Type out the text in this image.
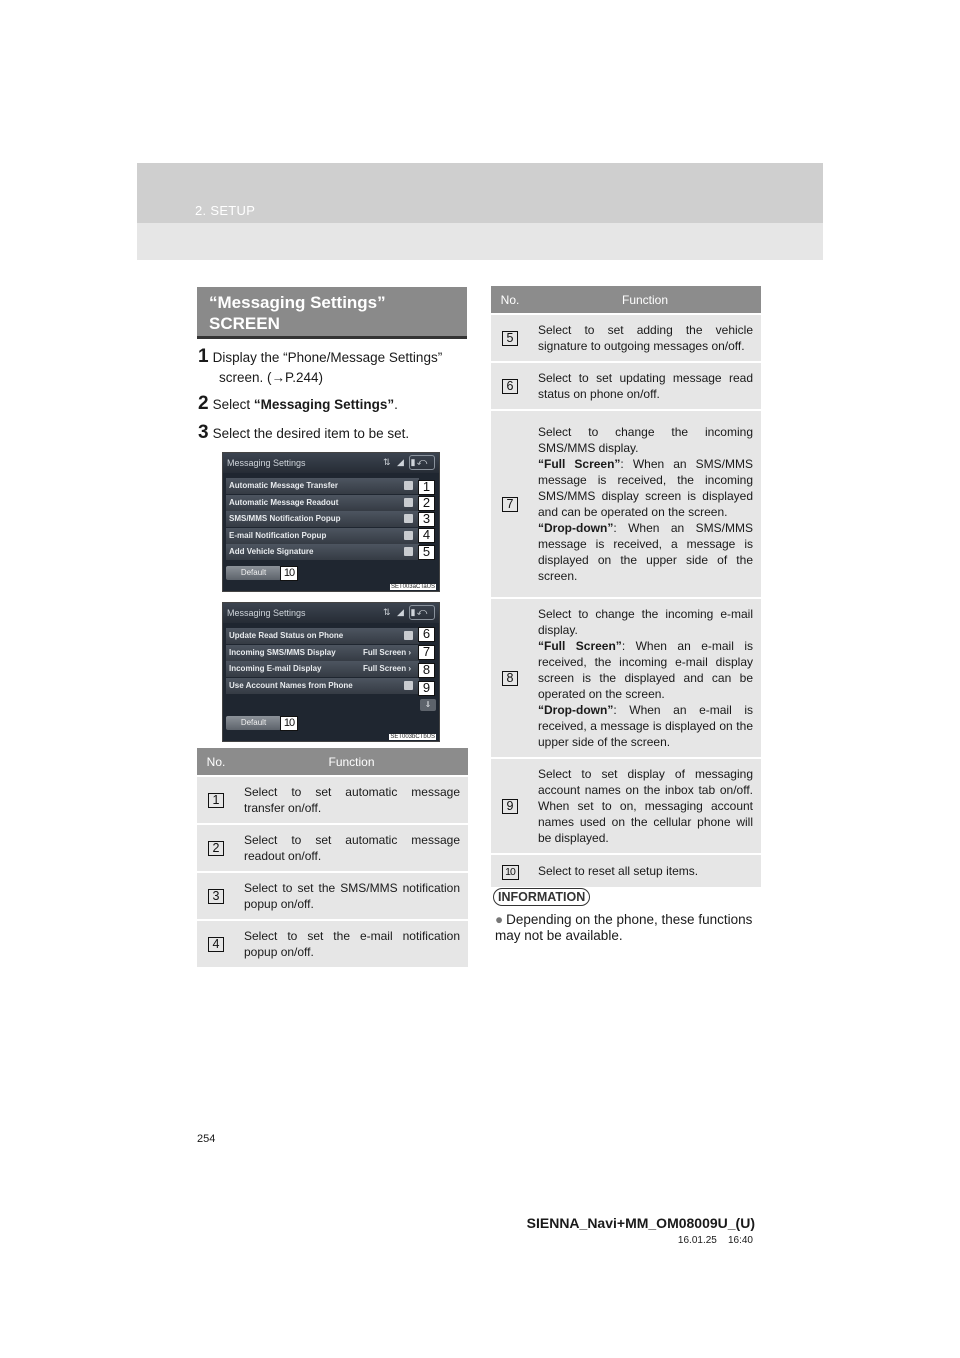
2. SETUP
“Messaging Settings”
SCREEN
1 Display the “Phone/Message Settings”
screen. (→P.244)
2 Select “Messaging Settings”.
3 Select the desired item to be set.
Messaging Settings	⇅ ◢ ▮ ⤺
Automatic Message Transfer
Automatic Message Readout
SMS/MMS Notification Popup
E-mail Notification Popup
Add Vehicle Signature
1
2
3
4
5
Default	10
SET003aCTaUS
Messaging Settings	⇅ ◢ ▮ ⤺
Update Read Status on Phone
Incoming SMS/MMS Display	Full Screen ›
Incoming E-mail Display	Full Screen ›
Use Account Names from Phone
6
7
8
9
⇓
Default	10
SET003bCTbUS
No.	Function
1	Select to set automatic message transfer on/off.
2	Select to set automatic message readout on/off.
3	Select to set the SMS/MMS notification popup on/off.
4	Select to set the e-mail notification popup on/off.
No.	Function
5	Select to set adding the vehicle signature to outgoing messages on/off.
6	Select to set updating message read status on phone on/off.
7	Select to change the incoming SMS/MMS display.
“Full Screen”: When an SMS/MMS message is received, the incoming SMS/MMS display screen is displayed and can be operated on the screen.
“Drop-down”: When an SMS/MMS message is received, a message is displayed on the upper side of the screen.
8	Select to change the incoming e-mail display.
“Full Screen”: When an e-mail is received, the incoming e-mail display screen is the displayed and can be operated on the screen.
“Drop-down”: When an e-mail is received, a message is displayed on the upper side of the screen.
9	Select to set display of messaging account names on the inbox tab on/off. When set to on, messaging account names used on the cellular phone will be displayed.
10	Select to reset all setup items.
INFORMATION
● Depending on the phone, these functions may not be available.
254
SIENNA_Navi+MM_OM08009U_(U)
16.01.25    16:40
